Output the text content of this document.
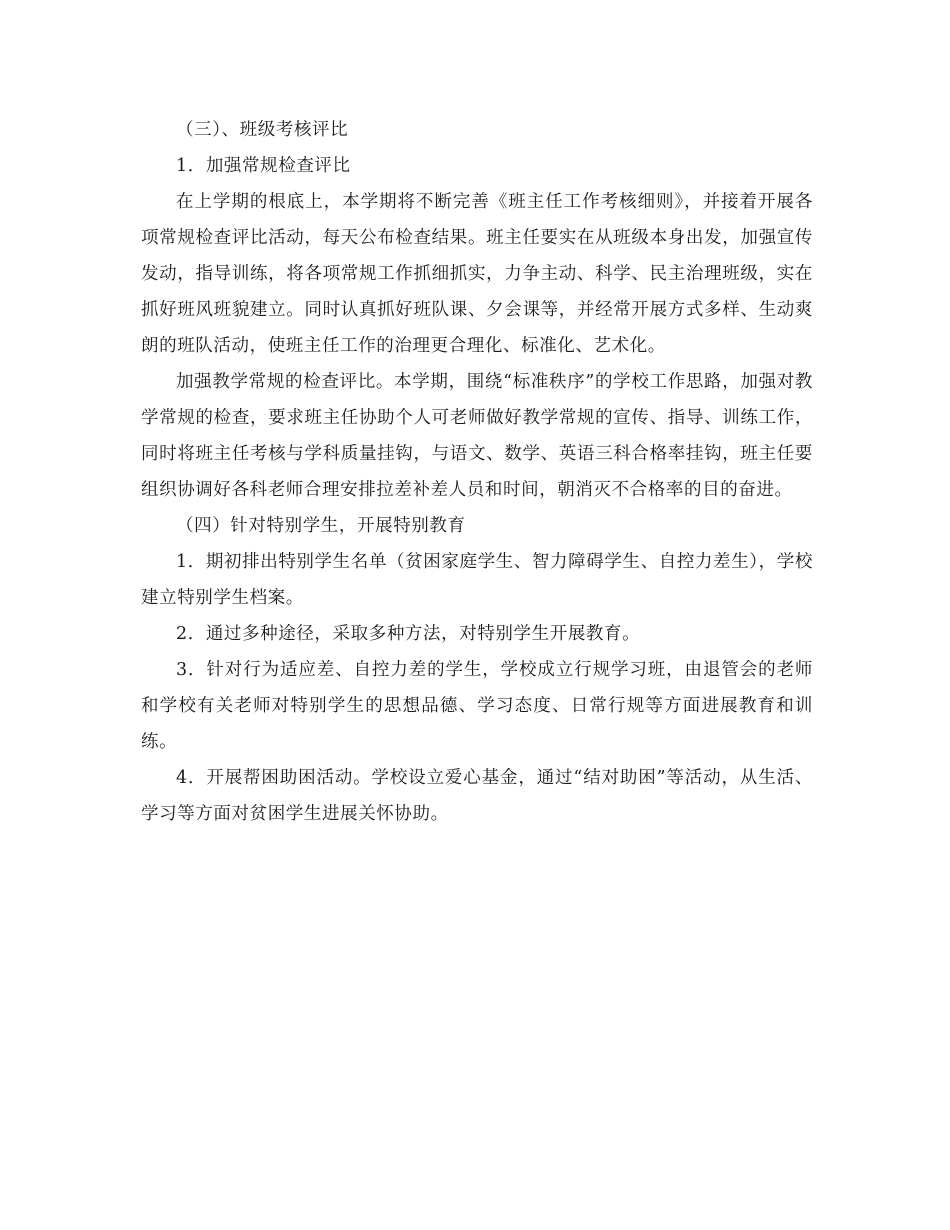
（三）、班级考核评比

1．加强常规检查评比

在上学期的根底上，本学期将不断完善《班主任工作考核细则》，并接着开展各项常规检查评比活动，每天公布检查结果。班主任要实在从班级本身出发，加强宣传发动，指导训练，将各项常规工作抓细抓实，力争主动、科学、民主治理班级，实在抓好班风班貌建立。同时认真抓好班队课、夕会课等，并经常开展方式多样、生动爽朗的班队活动，使班主任工作的治理更合理化、标准化、艺术化。

加强教学常规的检查评比。本学期，围绕“标准秩序”的学校工作思路，加强对教学常规的检查，要求班主任协助个人可老师做好教学常规的宣传、指导、训练工作，同时将班主任考核与学科质量挂钩，与语文、数学、英语三科合格率挂钩，班主任要组织协调好各科老师合理安排拉差补差人员和时间，朝消灭不合格率的目的奋进。

（四）针对特别学生，开展特别教育

1．期初排出特别学生名单（贫困家庭学生、智力障碍学生、自控力差生），学校建立特别学生档案。

2．通过多种途径，采取多种方法，对特别学生开展教育。

3．针对行为适应差、自控力差的学生，学校成立行规学习班，由退管会的老师和学校有关老师对特别学生的思想品德、学习态度、日常行规等方面进展教育和训练。

4．开展帮困助困活动。学校设立爱心基金，通过“结对助困”等活动，从生活、学习等方面对贫困学生进展关怀协助。
